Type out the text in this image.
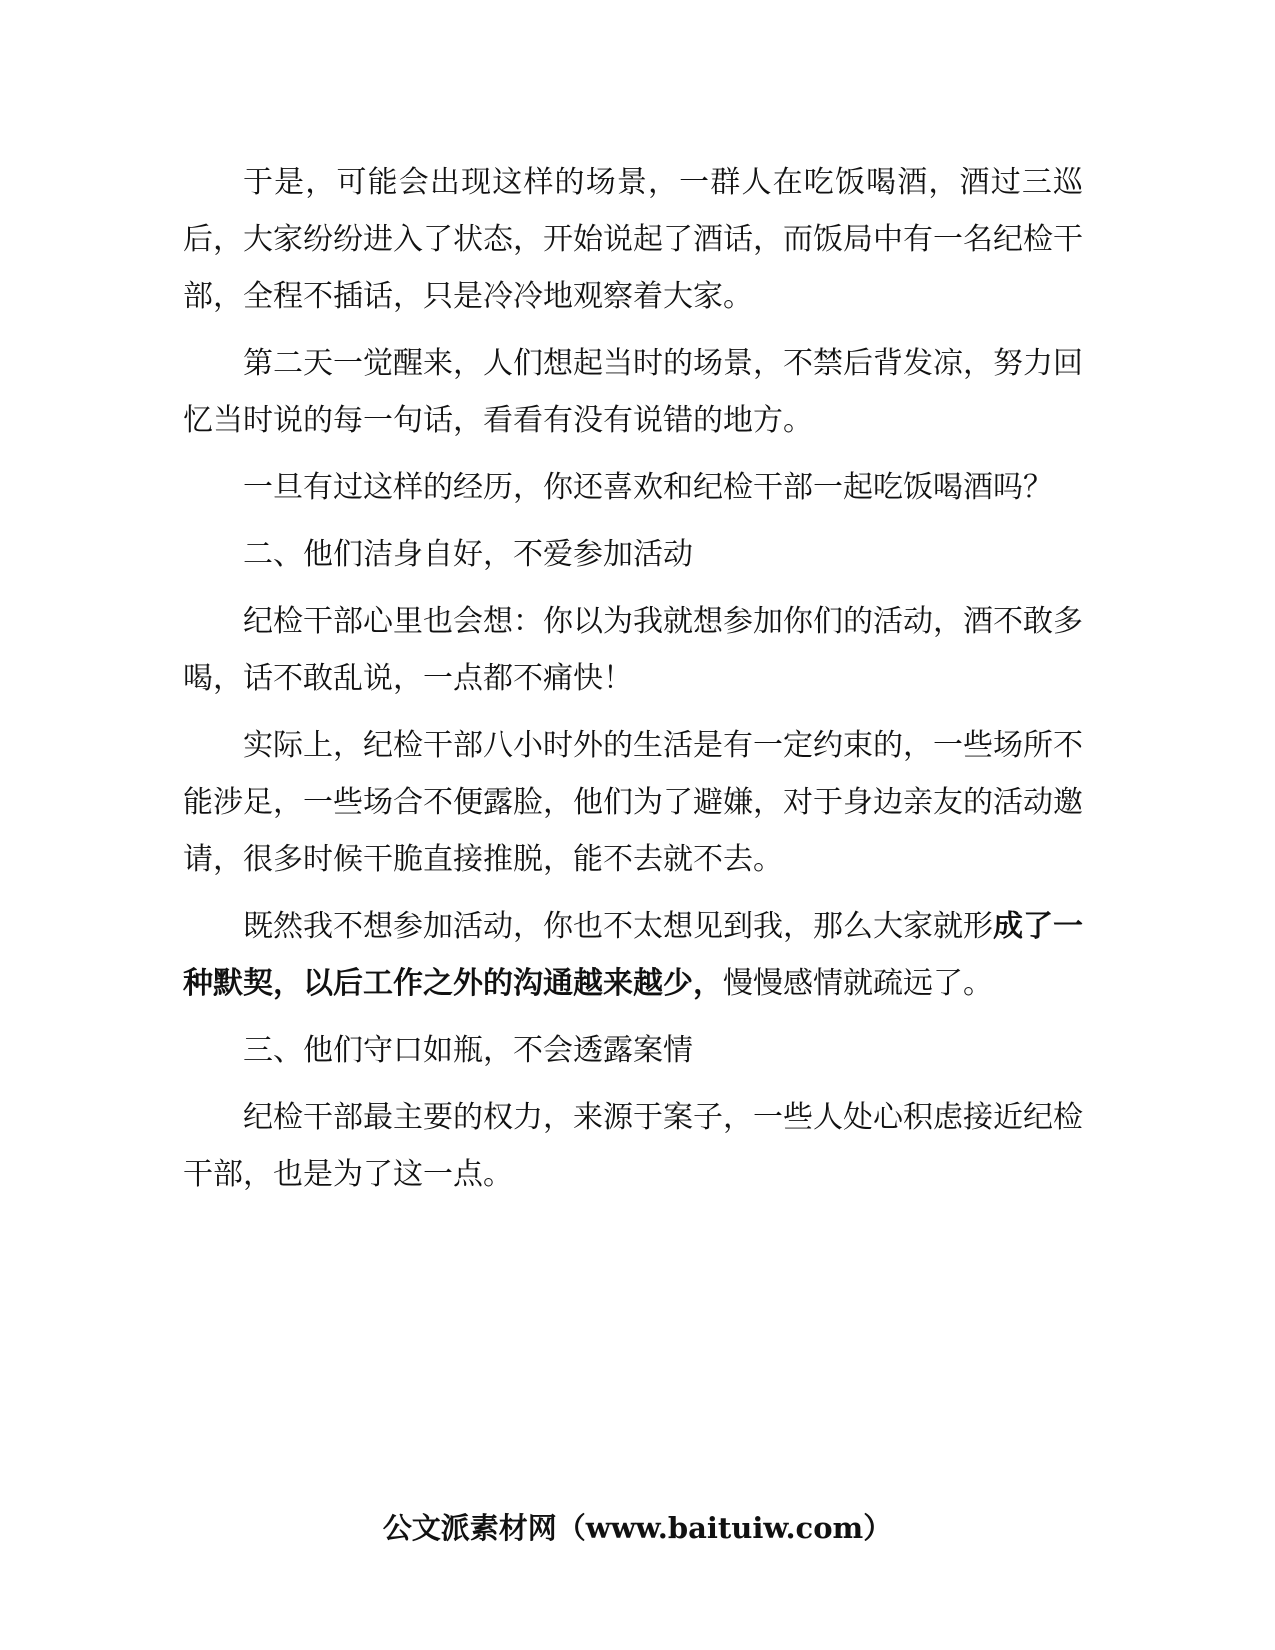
于是，可能会出现这样的场景，一群人在吃饭喝酒，酒过三巡后，大家纷纷进入了状态，开始说起了酒话，而饭局中有一名纪检干部，全程不插话，只是冷冷地观察着大家。

第二天一觉醒来，人们想起当时的场景，不禁后背发凉，努力回忆当时说的每一句话，看看有没有说错的地方。

一旦有过这样的经历，你还喜欢和纪检干部一起吃饭喝酒吗？

二、他们洁身自好，不爱参加活动

纪检干部心里也会想：你以为我就想参加你们的活动，酒不敢多喝，话不敢乱说，一点都不痛快！

实际上，纪检干部八小时外的生活是有一定约束的，一些场所不能涉足，一些场合不便露脸，他们为了避嫌，对于身边亲友的活动邀请，很多时候干脆直接推脱，能不去就不去。

既然我不想参加活动，你也不太想见到我，那么大家就形成了一种默契，以后工作之外的沟通越来越少，慢慢感情就疏远了。

三、他们守口如瓶，不会透露案情

纪检干部最主要的权力，来源于案子，一些人处心积虑接近纪检干部，也是为了这一点。

公文派素材网（www.baituiw.com）
